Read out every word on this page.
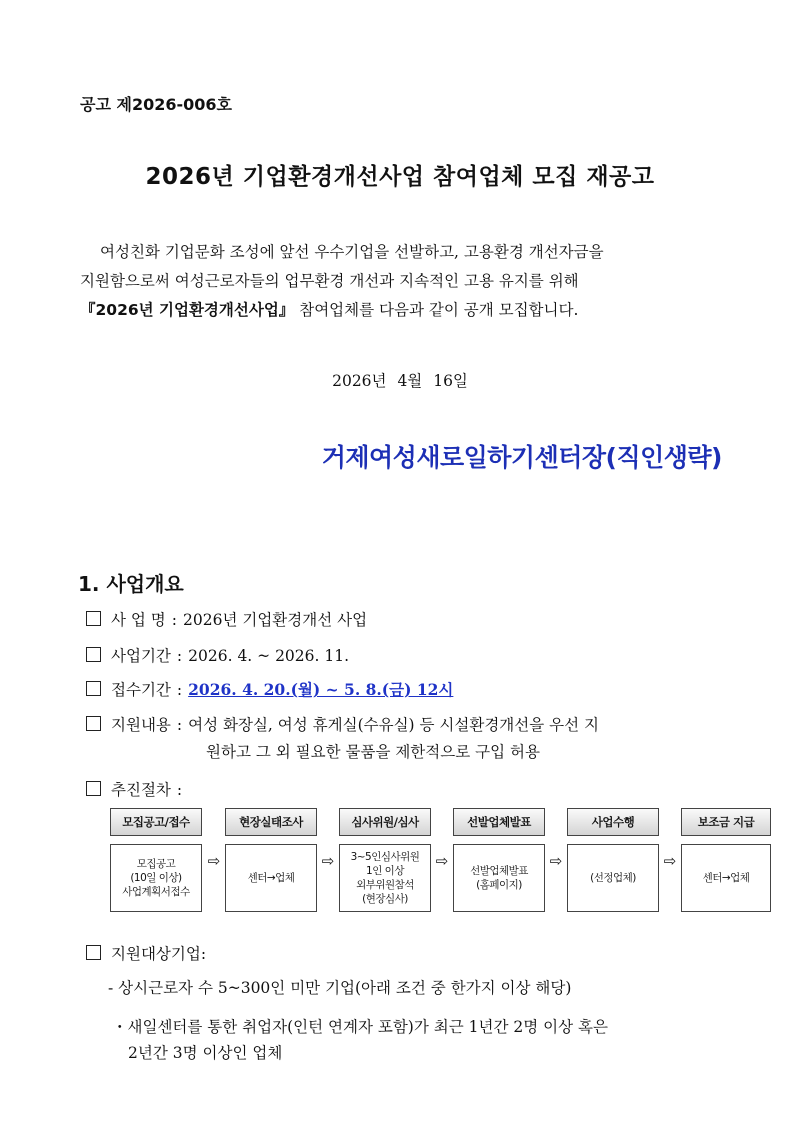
공고 제2026-006호
2026년 기업환경개선사업 참여업체 모집 재공고

여성친화 기업문화 조성에 앞선 우수기업을 선발하고, 고용환경 개선자금을

지원함으로써 여성근로자들의 업무환경 개선과 지속적인 고용 유지를 위해

『2026년 기업환경개선사업』 참여업체를 다음과 같이 공개 모집합니다.

2026년 4월 16일
거제여성새로일하기센터장(직인생략)
1. 사업개요
사 업 명 : 2026년 기업환경개선 사업
사업기간 : 2026. 4. ~ 2026. 11.
접수기간 : 2026. 4. 20.(월) ~ 5. 8.(금) 12시
지원내용 : 여성 화장실, 여성 휴게실(수유실) 등 시설환경개선을 우선 지
원하고 그 외 필요한 물품을 제한적으로 구입 허용
추진절차 :
모집공고/접수
모집공고
(10일 이상)
사업계획서접수
⇨
현장실태조사
센터→업체
⇨
심사위원/심사
3~5인심사위원
1인 이상
외부위원참석
(현장심사)
⇨
선발업체발표
선발업체발표
(홈페이지)
⇨
사업수행
(선정업체)
⇨
보조금 지급
센터→업체
지원대상기업:
- 상시근로자 수 5~300인 미만 기업(아래 조건 중 한가지 이상 해당)
・새일센터를 통한 취업자(인턴 연계자 포함)가 최근 1년간 2명 이상 혹은
2년간 3명 이상인 업체
